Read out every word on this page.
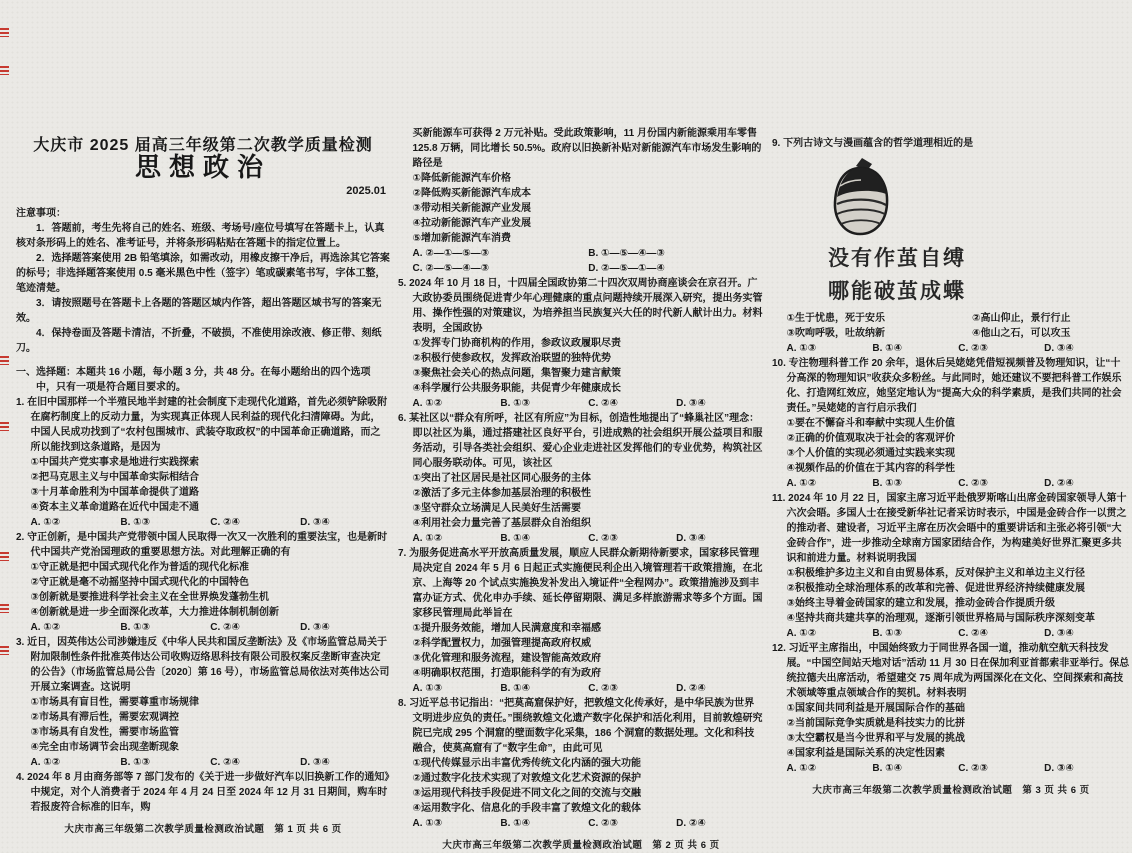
大庆市 2025 届高三年级第二次教学质量检测
思想政治
2025.01
注意事项：

1．答题前，考生先将自己的姓名、班级、考场号/座位号填写在答题卡上，认真核对条形码上的姓名、准考证号，并将条形码粘贴在答题卡的指定位置上。

2．选择题答案使用 2B 铅笔填涂，如需改动，用橡皮擦干净后，再选涂其它答案的标号；非选择题答案使用 0.5 毫米黑色中性（签字）笔或碳素笔书写，字体工整，笔迹清楚。

3．请按照题号在答题卡上各题的答题区域内作答，超出答题区域书写的答案无效。

4．保持卷面及答题卡清洁，不折叠，不破损，不准使用涂改液、修正带、刻纸刀。

一、选择题：本题共 16 小题，每小题 3 分，共 48 分。在每小题给出的四个选项中，只有一项是符合题目要求的。
1. 在旧中国那样一个半殖民地半封建的社会制度下走现代化道路，首先必须铲除吸附在腐朽制度上的反动力量，为实现真正体现人民利益的现代化扫清障碍。为此，中国人民成功找到了“农村包围城市、武装夺取政权”的中国革命正确道路，而之所以能找到这条道路，是因为
①中国共产党实事求是地进行实践探索
②把马克思主义与中国革命实际相结合
③十月革命胜利为中国革命提供了道路
④资本主义革命道路在近代中国走不通
A. ①②	B. ①③	C. ②④	D. ③④
2. 守正创新，是中国共产党带领中国人民取得一次又一次胜利的重要法宝，也是新时代中国共产党治国理政的重要思想方法。对此理解正确的有
①守正就是把中国式现代化作为普适的现代化标准
②守正就是毫不动摇坚持中国式现代化的中国特色
③创新就是要推进科学社会主义在全世界焕发蓬勃生机
④创新就是进一步全面深化改革，大力推进体制机制创新
A. ①②	B. ①③	C. ②④	D. ③④
3. 近日，因英伟达公司涉嫌违反《中华人民共和国反垄断法》及《市场监管总局关于附加限制性条件批准英伟达公司收购迈络思科技有限公司股权案反垄断审查决定的公告》（市场监管总局公告〔2020〕第 16 号），市场监管总局依法对英伟达公司开展立案调查。这说明
①市场具有盲目性，需要尊重市场规律
②市场具有滞后性，需要宏观调控
③市场具有自发性，需要市场监管
④完全由市场调节会出现垄断现象
A. ①②	B. ①③	C. ②④	D. ③④
4. 2024 年 8 月由商务部等 7 部门发布的《关于进一步做好汽车以旧换新工作的通知》中规定，对个人消费者于 2024 年 4 月 24 日至 2024 年 12 月 31 日期间，购车时若报废符合标准的旧车，购
大庆市高三年级第二次教学质量检测政治试题　第 1 页 共 6 页
买新能源车可获得 2 万元补贴。受此政策影响，11 月份国内新能源乘用车零售 125.8 万辆，同比增长 50.5%。政府以旧换新补贴对新能源汽车市场发生影响的路径是
①降低新能源汽车价格
②降低购买新能源汽车成本
③带动相关新能源产业发展
④拉动新能源汽车产业发展
⑤增加新能源汽车消费
A. ②—①—⑤—③	B. ①—⑤—④—③
C. ②—⑤—④—③	D. ②—⑤—①—④
5. 2024 年 10 月 18 日，十四届全国政协第二十四次双周协商座谈会在京召开。广大政协委员围绕促进青少年心理健康的重点问题持续开展深入研究，提出务实管用、操作性强的对策建议，为培养担当民族复兴大任的时代新人献计出力。材料表明，全国政协
①发挥专门协商机构的作用，参政议政履职尽责
②积极行使参政权，发挥政治联盟的独特优势
③聚焦社会关心的热点问题，集智聚力建言献策
④科学履行公共服务职能，共促青少年健康成长
A. ①②	B. ①③	C. ②④	D. ③④
6. 某社区以“群众有所呼，社区有所应”为目标，创造性地提出了“蜂巢社区”理念：即以社区为巢，通过搭建社区良好平台，引进成熟的社会组织开展公益项目和服务活动，引导各类社会组织、爱心企业走进社区发挥他们的专业优势，构筑社区同心服务联动体。可见，该社区
①突出了社区居民是社区同心服务的主体
②激活了多元主体参加基层治理的积极性
③坚守群众立场满足人民美好生活需要
④利用社会力量完善了基层群众自治组织
A. ①②	B. ①④	C. ②③	D. ③④
7. 为服务促进高水平开放高质量发展，顺应人民群众新期待新要求，国家移民管理局决定自 2024 年 5 月 6 日起正式实施便民利企出入境管理若干政策措施，在北京、上海等 20 个试点实施换发补发出入境证件“全程网办”。政策措施涉及到丰富办证方式、优化申办手续、延长停留期限、满足多样旅游需求等多个方面。国家移民管理局此举旨在
①提升服务效能，增加人民满意度和幸福感
②科学配置权力，加强管理提高政府权威
③优化管理和服务流程，建设智能高效政府
④明确职权范围，打造职能科学的有为政府
A. ①③	B. ①④	C. ②③	D. ②④
8. 习近平总书记指出：“把莫高窟保护好，把敦煌文化传承好，是中华民族为世界文明进步应负的责任。”围绕敦煌文化遗产数字化保护和活化利用，目前敦煌研究院已完成 295 个洞窟的壁面数字化采集，186 个洞窟的数据处理。文化和科技融合，使莫高窟有了“数字生命”，由此可见
①现代传媒显示出丰富优秀传统文化内涵的强大功能
②通过数字化技术实现了对敦煌文化艺术资源的保护
③运用现代科技手段促进不同文化之间的交流与交融
④运用数字化、信息化的手段丰富了敦煌文化的载体
A. ①③	B. ①④	C. ②③	D. ②④
大庆市高三年级第二次教学质量检测政治试题　第 2 页 共 6 页
9. 下列古诗文与漫画蕴含的哲学道理相近的是
没有作茧自缚
哪能破茧成蝶
①生于忧患，死于安乐	②高山仰止，景行行止
③吹呴呼吸，吐故纳新	④他山之石，可以攻玉
A. ①③	B. ①④	C. ②③	D. ③④
10. 专注物理科普工作 20 余年，退休后吴姥姥凭借短视频普及物理知识，让“十分高深的物理知识”收获众多粉丝。与此同时，她还建议不要把科普工作娱乐化、打造网红效应，她坚定地认为“提高大众的科学素质，是我们共同的社会责任。”吴姥姥的言行启示我们
①要在不懈奋斗和奉献中实现人生价值
②正确的价值观取决于社会的客观评价
③个人价值的实现必须通过实践来实现
④视频作品的价值在于其内容的科学性
A. ①②	B. ①③	C. ②③	D. ②④
11. 2024 年 10 月 22 日，国家主席习近平赴俄罗斯喀山出席金砖国家领导人第十六次会晤。多国人士在接受新华社记者采访时表示，中国是金砖合作一以贯之的推动者、建设者，习近平主席在历次会晤中的重要讲话和主张必将引领“大金砖合作”，进一步推动全球南方国家团结合作，为构建美好世界汇聚更多共识和前进力量。材料说明我国
①积极维护多边主义和自由贸易体系，反对保护主义和单边主义行径
②积极推动全球治理体系的改革和完善、促进世界经济持续健康发展
③始终主导着金砖国家的建立和发展，推动金砖合作提质升级
④坚持共商共建共享的治理观，逐渐引领世界格局与国际秩序深刻变革
A. ①②	B. ①③	C. ②④	D. ③④
12. 习近平主席指出，中国始终致力于同世界各国一道，推动航空航天科技发展。“中国空间站天地对话”活动 11 月 30 日在保加利亚首都索非亚举行。保总统拉德夫出席活动，希望建交 75 周年成为两国深化在文化、空间探索和高技术领域等重点领域合作的契机。材料表明
①国家间共同利益是开展国际合作的基础
②当前国际竞争实质就是科技实力的比拼
③太空霸权是当今世界和平与发展的挑战
④国家利益是国际关系的决定性因素
A. ①②	B. ①④	C. ②③	D. ③④
大庆市高三年级第二次教学质量检测政治试题　第 3 页 共 6 页
